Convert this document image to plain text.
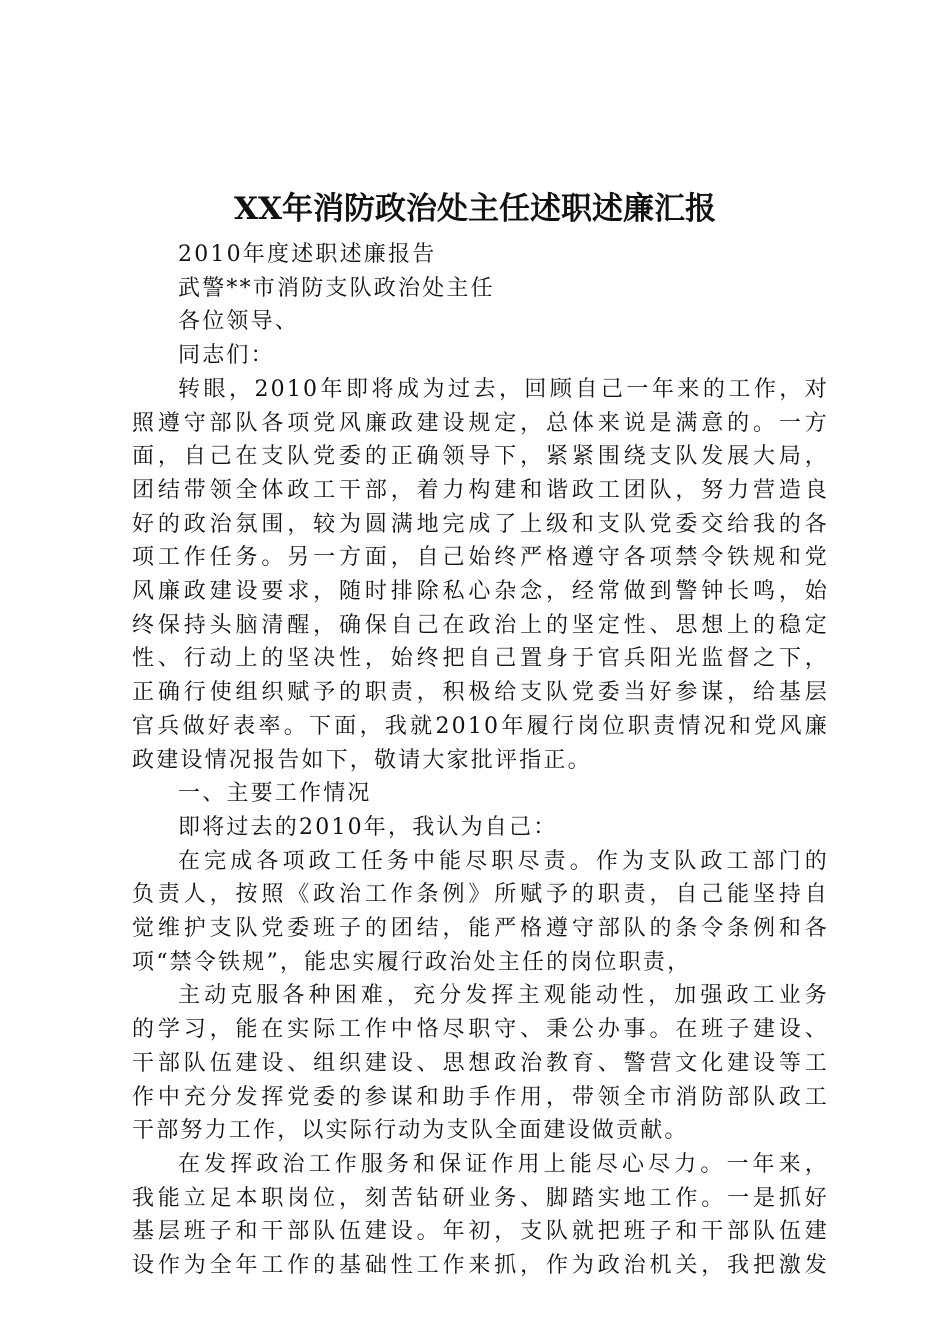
XX年消防政治处主任述职述廉汇报
2010年度述职述廉报告
武警**市消防支队政治处主任
各位领导、
同志们：
转眼，2010年即将成为过去，回顾自己一年来的工作，对
照遵守部队各项党风廉政建设规定，总体来说是满意的。一方
面，自己在支队党委的正确领导下，紧紧围绕支队发展大局，
团结带领全体政工干部，着力构建和谐政工团队，努力营造良
好的政治氛围，较为圆满地完成了上级和支队党委交给我的各
项工作任务。另一方面，自己始终严格遵守各项禁令铁规和党
风廉政建设要求，随时排除私心杂念，经常做到警钟长鸣，始
终保持头脑清醒，确保自己在政治上的坚定性、思想上的稳定
性、行动上的坚决性，始终把自己置身于官兵阳光监督之下，
正确行使组织赋予的职责，积极给支队党委当好参谋，给基层
官兵做好表率。下面，我就2010年履行岗位职责情况和党风廉
政建设情况报告如下，敬请大家批评指正。
一、主要工作情况
即将过去的2010年，我认为自己：
在完成各项政工任务中能尽职尽责。作为支队政工部门的
负责人，按照《政治工作条例》所赋予的职责，自己能坚持自
觉维护支队党委班子的团结，能严格遵守部队的条令条例和各
项“禁令铁规”，能忠实履行政治处主任的岗位职责，
主动克服各种困难，充分发挥主观能动性，加强政工业务
的学习，能在实际工作中恪尽职守、秉公办事。在班子建设、
干部队伍建设、组织建设、思想政治教育、警营文化建设等工
作中充分发挥党委的参谋和助手作用，带领全市消防部队政工
干部努力工作，以实际行动为支队全面建设做贡献。
在发挥政治工作服务和保证作用上能尽心尽力。一年来，
我能立足本职岗位，刻苦钻研业务、脚踏实地工作。一是抓好
基层班子和干部队伍建设。年初，支队就把班子和干部队伍建
设作为全年工作的基础性工作来抓，作为政治机关，我把激发
